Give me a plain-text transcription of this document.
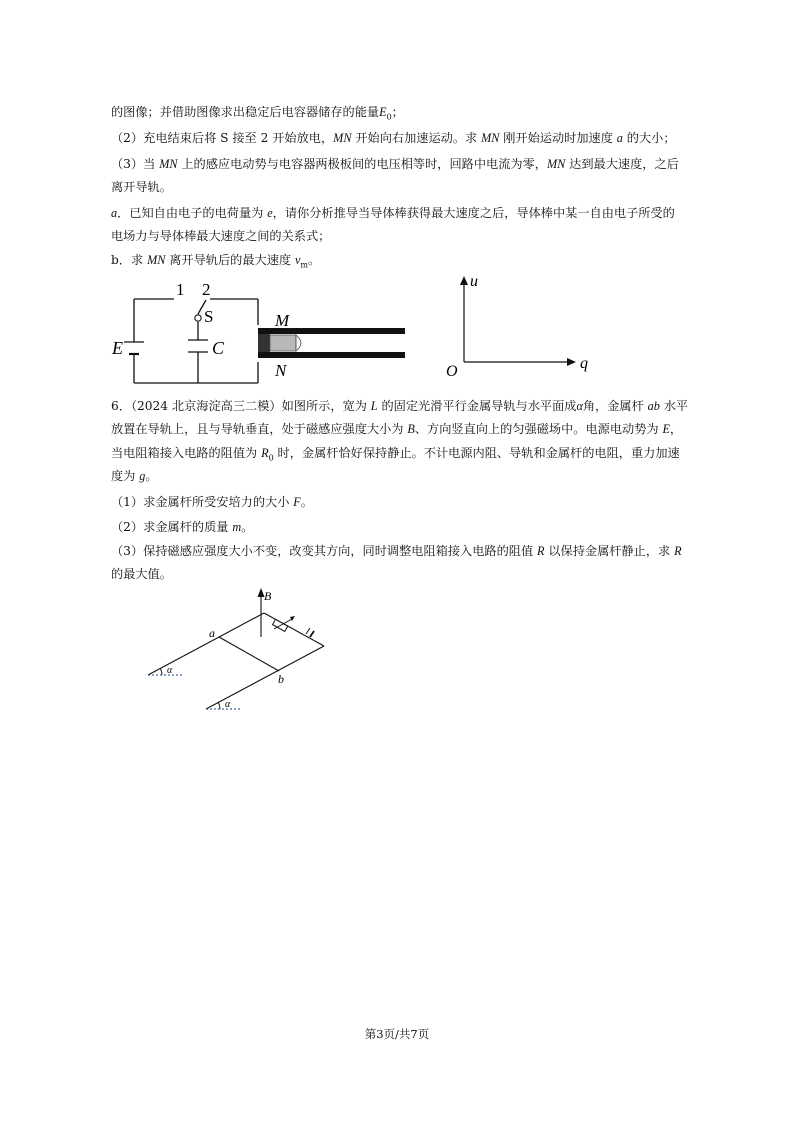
的图像；并借助图像求出稳定后电容器储存的能量$E_0$；
（2）充电结束后将 S 接至 2 开始放电，MN 开始向右加速运动。求 MN 刚开始运动时加速度 a 的大小；
（3）当 MN 上的感应电动势与电容器两极板间的电压相等时，回路中电流为零，MN 达到最大速度，之后
离开导轨。
a．已知自由电子的电荷量为 e，请你分析推导当导体棒获得最大速度之后，导体棒中某一自由电子所受的
电场力与导体棒最大速度之间的关系式；
b．求 MN 离开导轨后的最大速度 $v_m$。
1 2
S
E	C
M
N
u
q
O
6．（2024 北京海淀高三二模）如图所示，宽为 L 的固定光滑平行金属导轨与水平面成α角，金属杆 ab 水平
放置在导轨上，且与导轨垂直，处于磁感应强度大小为 B、方向竖直向上的匀强磁场中。电源电动势为 E，
当电阻箱接入电路的阻值为 $R_0$ 时，金属杆恰好保持静止。不计电源内阻、导轨和金属杆的电阻，重力加速
度为 g。
（1）求金属杆所受安培力的大小 F。
（2）求金属杆的质量 m。
（3）保持磁感应强度大小不变，改变其方向，同时调整电阻箱接入电路的阻值 R 以保持金属杆静止，求 R
的最大值。
α
α
B
a
b
第3页/共7页
